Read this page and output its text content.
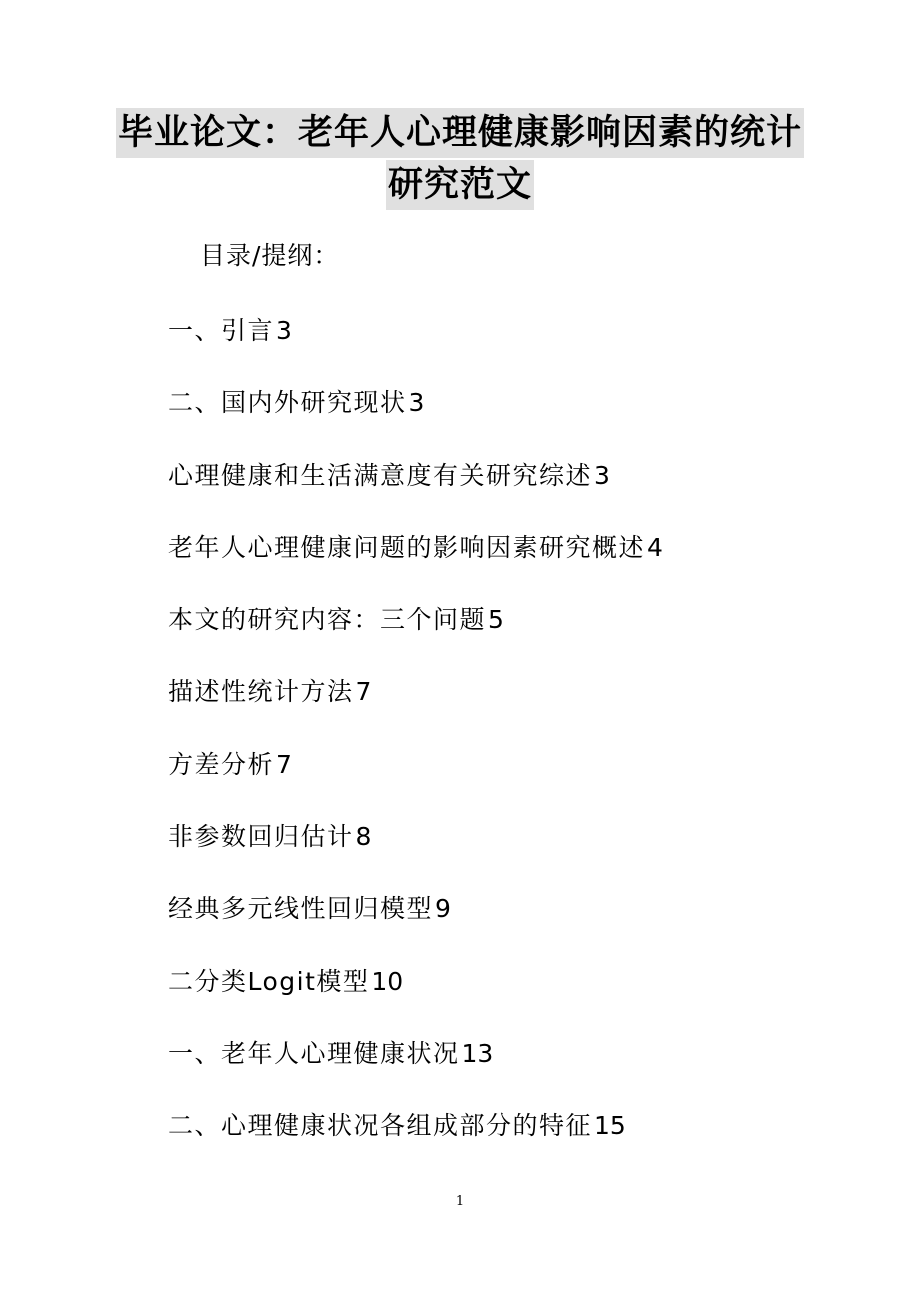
毕业论文：老年人心理健康影响因素的统计
研究范文
目录/提纲：
一、引言3
二、国内外研究现状3
心理健康和生活满意度有关研究综述3
老年人心理健康问题的影响因素研究概述4
本文的研究内容：三个问题5
描述性统计方法7
方差分析7
非参数回归估计8
经典多元线性回归模型9
二分类Logit模型10
一、老年人心理健康状况13
二、心理健康状况各组成部分的特征15
1
